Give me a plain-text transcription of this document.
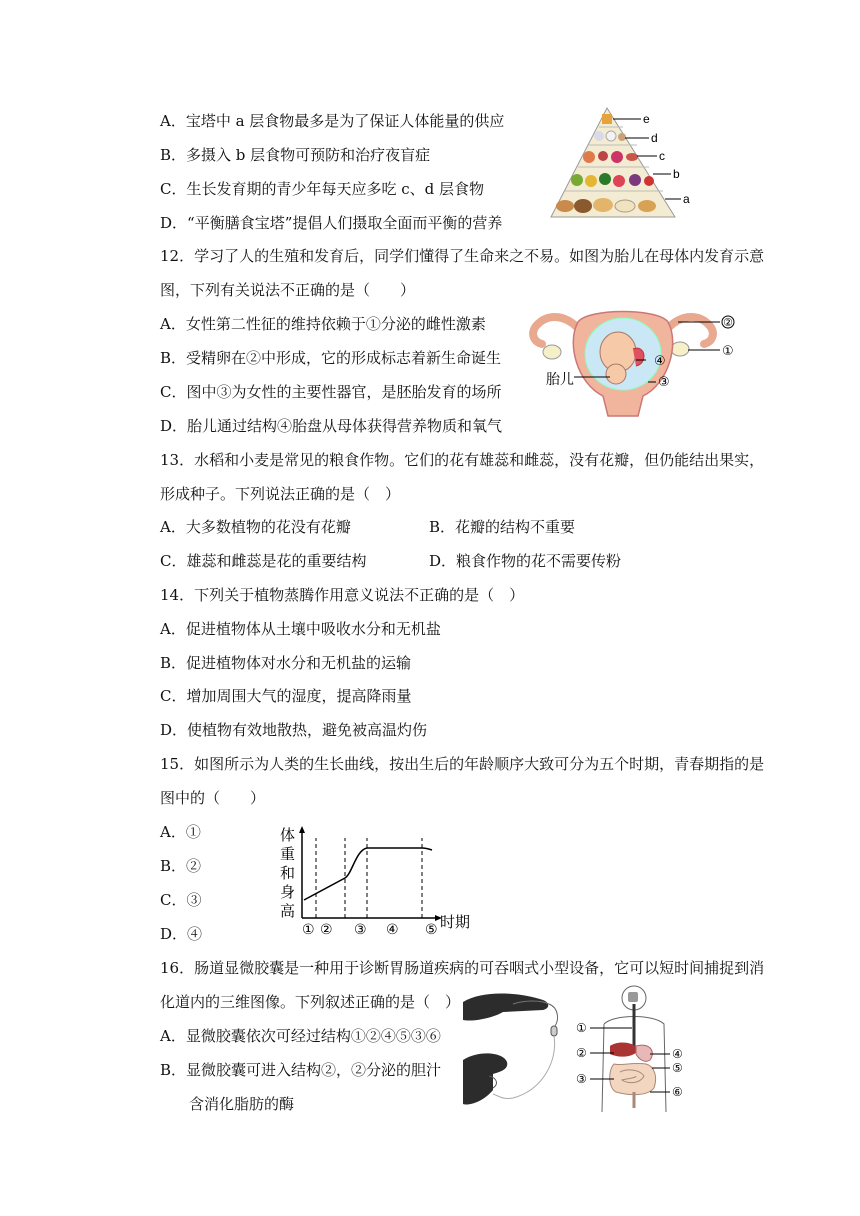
A．宝塔中 a 层食物最多是为了保证人体能量的供应
B．多摄入 b 层食物可预防和治疗夜盲症
C．生长发育期的青少年每天应多吃 c、d 层食物
D．“平衡膳食宝塔”提倡人们摄取全面而平衡的营养
e
d
c
b
a
12．学习了人的生殖和发育后，同学们懂得了生命来之不易。如图为胎儿在母体内发育示意
图，下列有关说法不正确的是（　　）
A．女性第二性征的维持依赖于①分泌的雌性激素
B．受精卵在②中形成，它的形成标志着新生命诞生
C．图中③为女性的主要性器官，是胚胎发育的场所
D．胎儿通过结构④胎盘从母体获得营养物质和氧气
②
①
④
③
胎儿
13．水稻和小麦是常见的粮食作物。它们的花有雄蕊和雌蕊，没有花瓣，但仍能结出果实，
形成种子。下列说法正确的是（　）
A．大多数植物的花没有花瓣	B．花瓣的结构不重要
C．雄蕊和雌蕊是花的重要结构	D．粮食作物的花不需要传粉
14．下列关于植物蒸腾作用意义说法不正确的是（　）
A．促进植物体从土壤中吸收水分和无机盐
B．促进植物体对水分和无机盐的运输
C．增加周围大气的湿度，提高降雨量
D．使植物有效地散热，避免被高温灼伤
15．如图所示为人类的生长曲线，按出生后的年龄顺序大致可分为五个时期，青春期指的是
图中的（　　）
A．①
B．②
C．③
D．④
体
重
和
身
高
① ② ③ ④ ⑤ 时期
16．肠道显微胶囊是一种用于诊断胃肠道疾病的可吞咽式小型设备，它可以短时间捕捉到消
化道内的三维图像。下列叙述正确的是（　）
A．显微胶囊依次可经过结构①②④⑤③⑥
B．显微胶囊可进入结构②，②分泌的胆汁
含消化脂肪的酶
①
②
③
④
⑤
⑥
